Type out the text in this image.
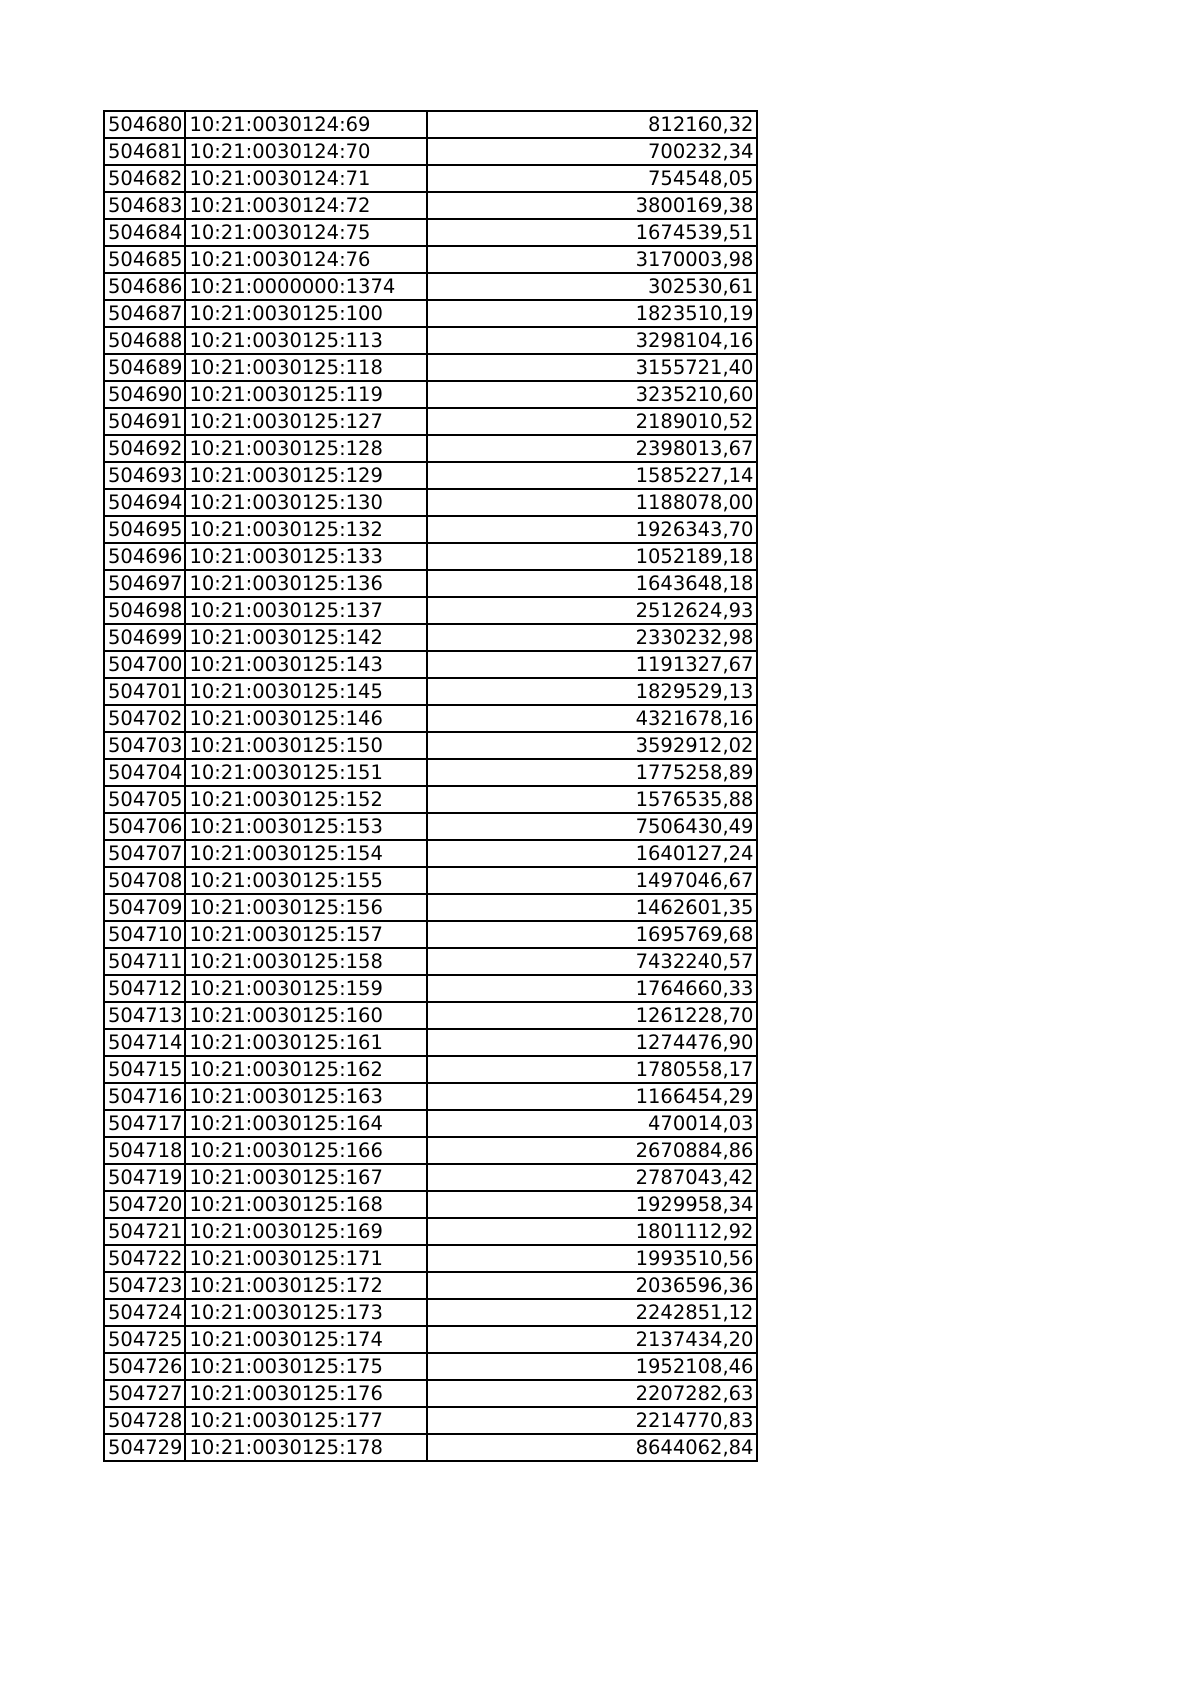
504680	10:21:0030124:69	812160,32
504681	10:21:0030124:70	700232,34
504682	10:21:0030124:71	754548,05
504683	10:21:0030124:72	3800169,38
504684	10:21:0030124:75	1674539,51
504685	10:21:0030124:76	3170003,98
504686	10:21:0000000:1374	302530,61
504687	10:21:0030125:100	1823510,19
504688	10:21:0030125:113	3298104,16
504689	10:21:0030125:118	3155721,40
504690	10:21:0030125:119	3235210,60
504691	10:21:0030125:127	2189010,52
504692	10:21:0030125:128	2398013,67
504693	10:21:0030125:129	1585227,14
504694	10:21:0030125:130	1188078,00
504695	10:21:0030125:132	1926343,70
504696	10:21:0030125:133	1052189,18
504697	10:21:0030125:136	1643648,18
504698	10:21:0030125:137	2512624,93
504699	10:21:0030125:142	2330232,98
504700	10:21:0030125:143	1191327,67
504701	10:21:0030125:145	1829529,13
504702	10:21:0030125:146	4321678,16
504703	10:21:0030125:150	3592912,02
504704	10:21:0030125:151	1775258,89
504705	10:21:0030125:152	1576535,88
504706	10:21:0030125:153	7506430,49
504707	10:21:0030125:154	1640127,24
504708	10:21:0030125:155	1497046,67
504709	10:21:0030125:156	1462601,35
504710	10:21:0030125:157	1695769,68
504711	10:21:0030125:158	7432240,57
504712	10:21:0030125:159	1764660,33
504713	10:21:0030125:160	1261228,70
504714	10:21:0030125:161	1274476,90
504715	10:21:0030125:162	1780558,17
504716	10:21:0030125:163	1166454,29
504717	10:21:0030125:164	470014,03
504718	10:21:0030125:166	2670884,86
504719	10:21:0030125:167	2787043,42
504720	10:21:0030125:168	1929958,34
504721	10:21:0030125:169	1801112,92
504722	10:21:0030125:171	1993510,56
504723	10:21:0030125:172	2036596,36
504724	10:21:0030125:173	2242851,12
504725	10:21:0030125:174	2137434,20
504726	10:21:0030125:175	1952108,46
504727	10:21:0030125:176	2207282,63
504728	10:21:0030125:177	2214770,83
504729	10:21:0030125:178	8644062,84
